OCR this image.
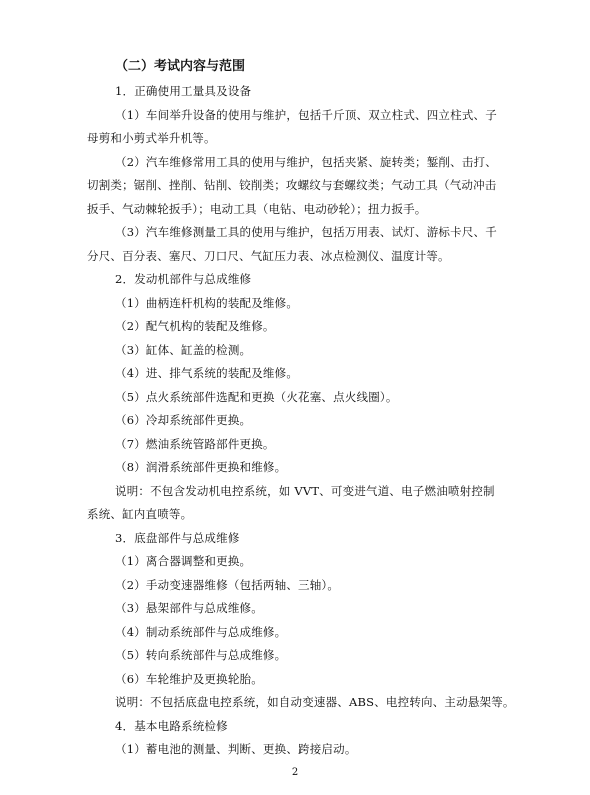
（二）考试内容与范围
1．正确使用工量具及设备
（1）车间举升设备的使用与维护，包括千斤顶、双立柱式、四立柱式、子
母剪和小剪式举升机等。
（2）汽车维修常用工具的使用与维护，包括夹紧、旋转类；錾削、击打、
切割类；锯削、挫削、钻削、铰削类；攻螺纹与套螺纹类；气动工具（气动冲击
扳手、气动棘轮扳手）；电动工具（电钻、电动砂轮）；扭力扳手。
（3）汽车维修测量工具的使用与维护，包括万用表、试灯、游标卡尺、千
分尺、百分表、塞尺、刀口尺、气缸压力表、冰点检测仪、温度计等。
2．发动机部件与总成维修
（1）曲柄连杆机构的装配及维修。
（2）配气机构的装配及维修。
（3）缸体、缸盖的检测。
（4）进、排气系统的装配及维修。
（5）点火系统部件选配和更换（火花塞、点火线圈）。
（6）冷却系统部件更换。
（7）燃油系统管路部件更换。
（8）润滑系统部件更换和维修。
说明：不包含发动机电控系统，如 VVT、可变进气道、电子燃油喷射控制
系统、缸内直喷等。
3．底盘部件与总成维修
（1）离合器调整和更换。
（2）手动变速器维修（包括两轴、三轴）。
（3）悬架部件与总成维修。
（4）制动系统部件与总成维修。
（5）转向系统部件与总成维修。
（6）车轮维护及更换轮胎。
说明：不包括底盘电控系统，如自动变速器、ABS、电控转向、主动悬架等。
4．基本电路系统检修
（1）蓄电池的测量、判断、更换、跨接启动。
2
